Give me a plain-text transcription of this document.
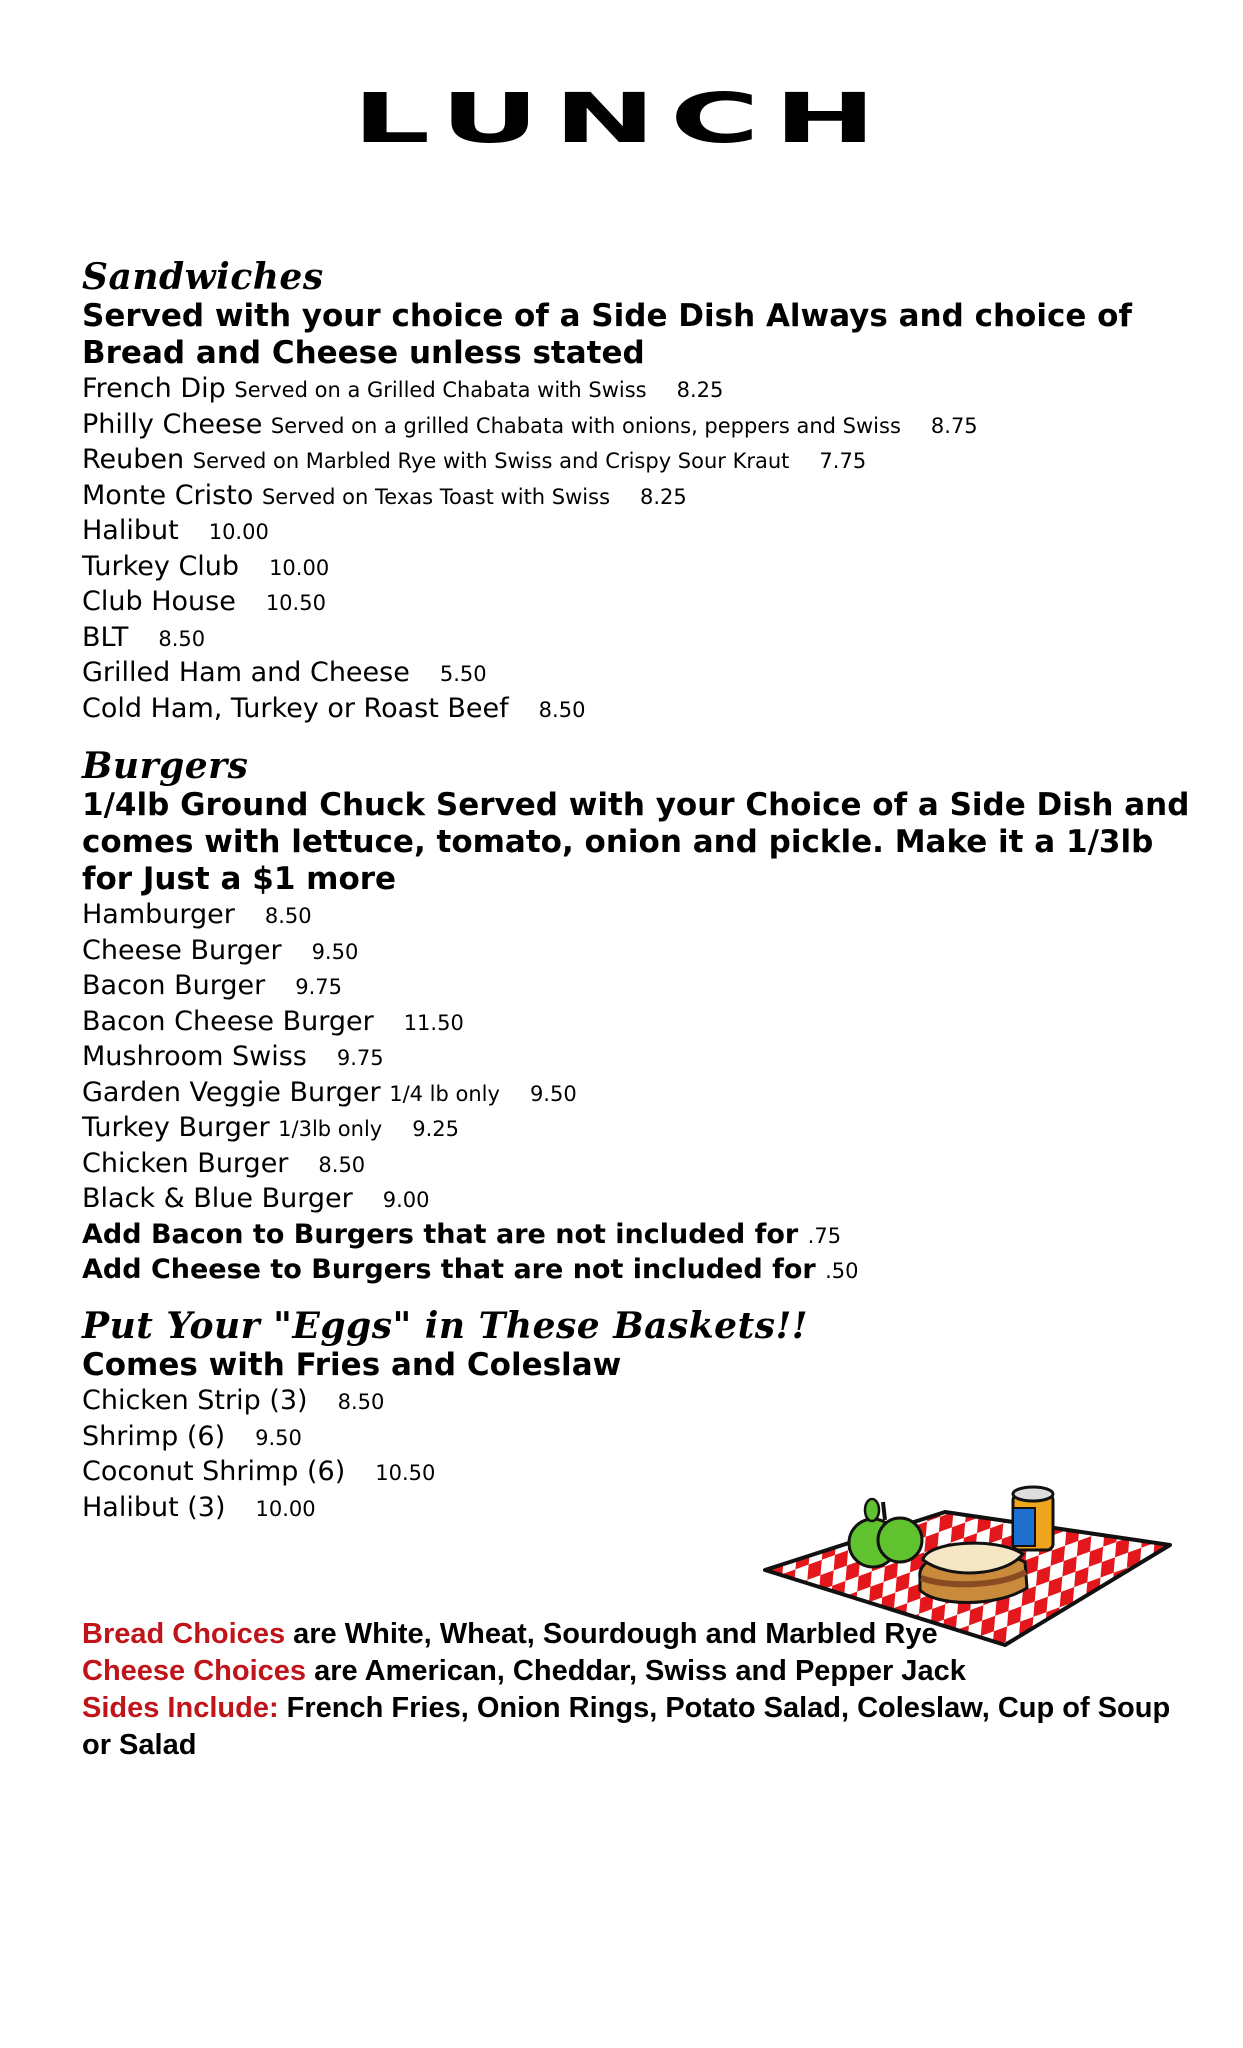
LUNCH
Sandwiches
Served with your choice of a Side Dish Always and choice of Bread and Cheese unless stated
French Dip Served on a Grilled Chabata with Swiss 8.25
Philly Cheese Served on a grilled Chabata with onions, peppers and Swiss 8.75
Reuben Served on Marbled Rye with Swiss and Crispy Sour Kraut 7.75
Monte Cristo Served on Texas Toast with Swiss 8.25
Halibut 10.00
Turkey Club 10.00
Club House 10.50
BLT 8.50
Grilled Ham and Cheese 5.50
Cold Ham, Turkey or Roast Beef 8.50
Burgers
1/4lb Ground Chuck Served with your Choice of a Side Dish and comes with lettuce, tomato, onion and pickle. Make it a 1/3lb for Just a $1 more
Hamburger 8.50
Cheese Burger 9.50
Bacon Burger 9.75
Bacon Cheese Burger 11.50
Mushroom Swiss 9.75
Garden Veggie Burger 1/4 lb only 9.50
Turkey Burger 1/3lb only 9.25
Chicken Burger 8.50
Black & Blue Burger 9.00
Add Bacon to Burgers that are not included for .75
Add Cheese to Burgers that are not included for .50
Put Your "Eggs" in These Baskets!!
Comes with Fries and Coleslaw
Chicken Strip (3) 8.50
Shrimp (6) 9.50
Coconut Shrimp (6) 10.50
Halibut (3) 10.00
Bread Choices are White, Wheat, Sourdough and Marbled Rye
Cheese Choices are American, Cheddar, Swiss and Pepper Jack
Sides Include: French Fries, Onion Rings, Potato Salad, Coleslaw, Cup of Soup or Salad
